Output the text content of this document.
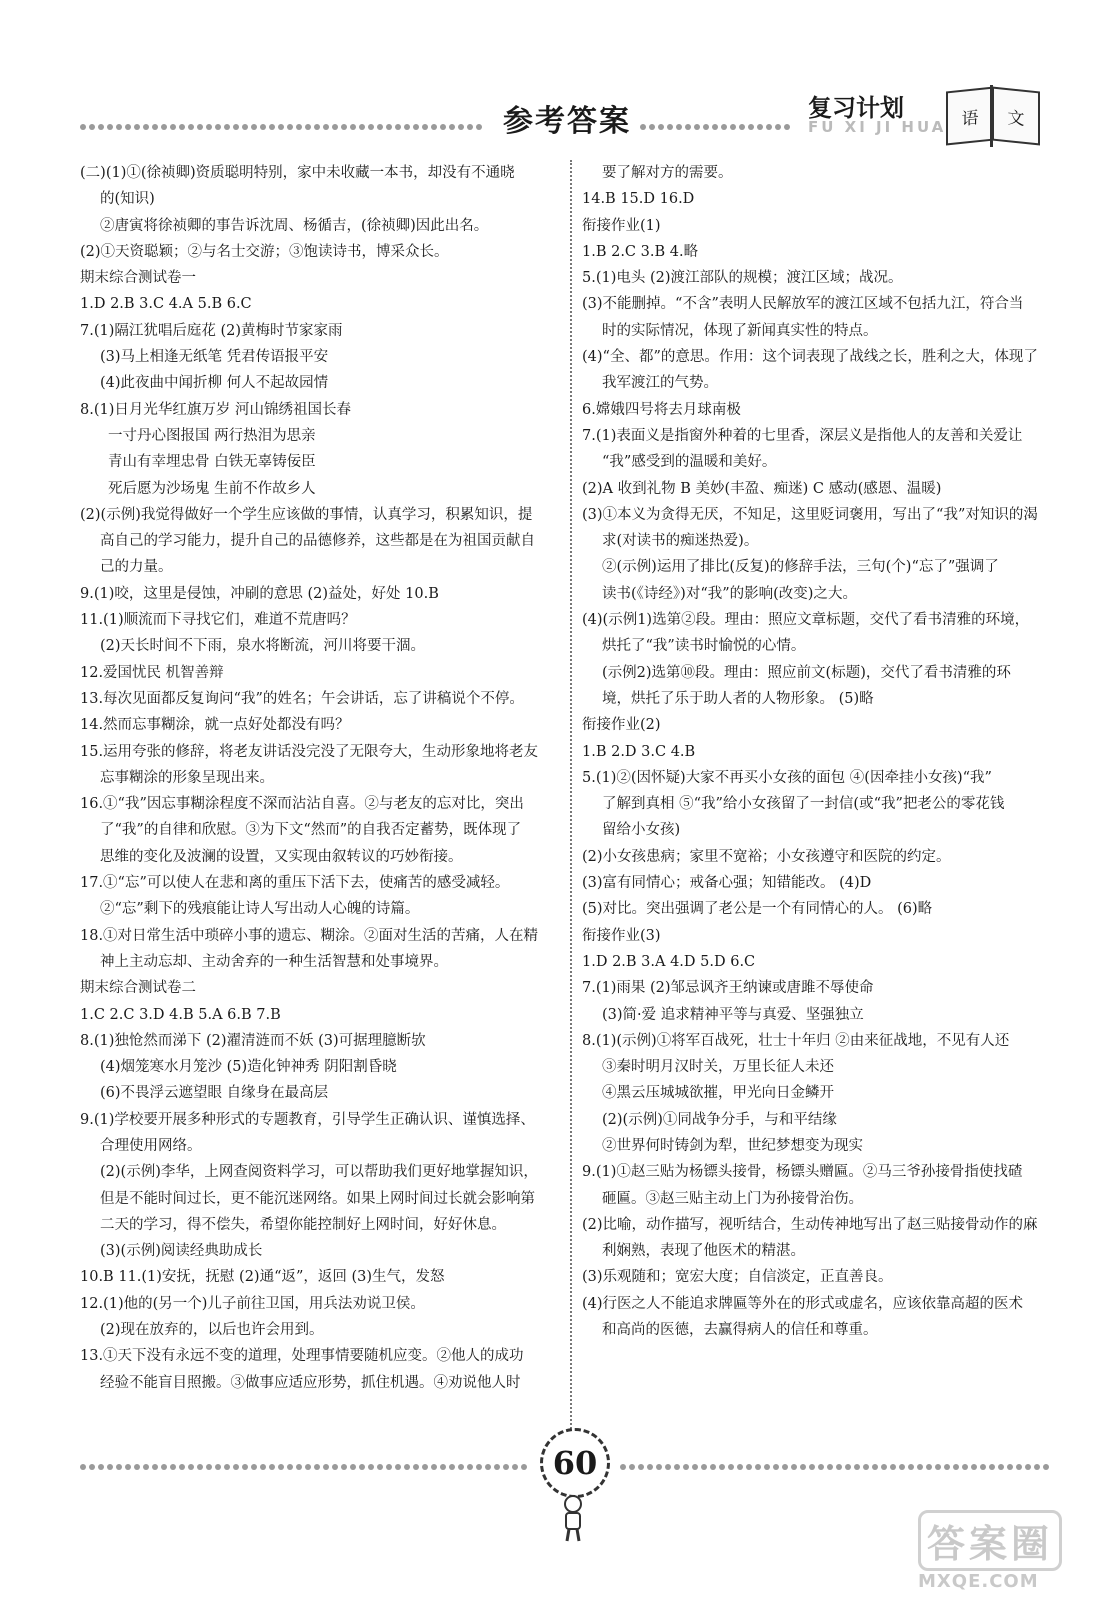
参考答案	复习计划
FU XI JI HUA 语	文
(二)(1)①(徐祯卿)资质聪明特别，家中未收藏一本书，却没有不通晓
的(知识)
②唐寅将徐祯卿的事告诉沈周、杨循吉，(徐祯卿)因此出名。
(2)①天资聪颖；②与名士交游；③饱读诗书，博采众长。
期末综合测试卷一
1.D 2.B 3.C 4.A 5.B 6.C
7.(1)隔江犹唱后庭花 (2)黄梅时节家家雨
(3)马上相逢无纸笔 凭君传语报平安
(4)此夜曲中闻折柳 何人不起故园情
8.(1)日月光华红旗万岁 河山锦绣祖国长春
一寸丹心图报国 两行热泪为思亲
青山有幸埋忠骨 白铁无辜铸佞臣
死后愿为沙场鬼 生前不作故乡人
(2)(示例)我觉得做好一个学生应该做的事情，认真学习，积累知识，提
高自己的学习能力，提升自己的品德修养，这些都是在为祖国贡献自
己的力量。
9.(1)咬，这里是侵蚀，冲刷的意思 (2)益处，好处 10.B
11.(1)顺流而下寻找它们，难道不荒唐吗？
(2)天长时间不下雨，泉水将断流，河川将要干涸。
12.爱国忧民 机智善辩
13.每次见面都反复询问“我”的姓名；午会讲话，忘了讲稿说个不停。
14.然而忘事糊涂，就一点好处都没有吗？
15.运用夸张的修辞，将老友讲话没完没了无限夸大，生动形象地将老友
忘事糊涂的形象呈现出来。
16.①“我”因忘事糊涂程度不深而沾沾自喜。②与老友的忘对比，突出
了“我”的自律和欣慰。③为下文“然而”的自我否定蓄势，既体现了
思维的变化及波澜的设置，又实现由叙转议的巧妙衔接。
17.①“忘”可以使人在悲和离的重压下活下去，使痛苦的感受减轻。
②“忘”剩下的残痕能让诗人写出动人心魄的诗篇。
18.①对日常生活中琐碎小事的遗忘、糊涂。②面对生活的苦痛，人在精
神上主动忘却、主动舍弃的一种生活智慧和处事境界。
期末综合测试卷二
1.C 2.C 3.D 4.B 5.A 6.B 7.B
8.(1)独怆然而涕下 (2)濯清涟而不妖 (3)可据理臆断欤
(4)烟笼寒水月笼沙 (5)造化钟神秀 阴阳割昏晓
(6)不畏浮云遮望眼 自缘身在最高层
9.(1)学校要开展多种形式的专题教育，引导学生正确认识、谨慎选择、
合理使用网络。
(2)(示例)李华，上网查阅资料学习，可以帮助我们更好地掌握知识，
但是不能时间过长，更不能沉迷网络。如果上网时间过长就会影响第
二天的学习，得不偿失，希望你能控制好上网时间，好好休息。
(3)(示例)阅读经典助成长
10.B 11.(1)安抚，抚慰 (2)通“返”，返回 (3)生气，发怒
12.(1)他的(另一个)儿子前往卫国，用兵法劝说卫侯。
(2)现在放弃的，以后也许会用到。
13.①天下没有永远不变的道理，处理事情要随机应变。②他人的成功
经验不能盲目照搬。③做事应适应形势，抓住机遇。④劝说他人时
要了解对方的需要。
14.B 15.D 16.D
衔接作业(1)
1.B 2.C 3.B 4.略
5.(1)电头 (2)渡江部队的规模；渡江区域；战况。
(3)不能删掉。“不含”表明人民解放军的渡江区域不包括九江，符合当
时的实际情况，体现了新闻真实性的特点。
(4)“全、都”的意思。作用：这个词表现了战线之长，胜利之大，体现了
我军渡江的气势。
6.嫦娥四号将去月球南极
7.(1)表面义是指窗外种着的七里香，深层义是指他人的友善和关爱让
“我”感受到的温暖和美好。
(2)A 收到礼物 B 美妙(丰盈、痴迷) C 感动(感恩、温暖)
(3)①本义为贪得无厌，不知足，这里贬词褒用，写出了“我”对知识的渴
求(对读书的痴迷热爱)。
②(示例)运用了排比(反复)的修辞手法，三句(个)“忘了”强调了
读书(《诗经》)对“我”的影响(改变)之大。
(4)(示例1)选第②段。理由：照应文章标题，交代了看书清雅的环境，
烘托了“我”读书时愉悦的心情。
(示例2)选第⑩段。理由：照应前文(标题)，交代了看书清雅的环
境，烘托了乐于助人者的人物形象。 (5)略
衔接作业(2)
1.B 2.D 3.C 4.B
5.(1)②(因怀疑)大家不再买小女孩的面包 ④(因牵挂小女孩)“我”
了解到真相 ⑤“我”给小女孩留了一封信(或“我”把老公的零花钱
留给小女孩)
(2)小女孩患病；家里不宽裕；小女孩遵守和医院的约定。
(3)富有同情心；戒备心强；知错能改。 (4)D
(5)对比。突出强调了老公是一个有同情心的人。 (6)略
衔接作业(3)
1.D 2.B 3.A 4.D 5.D 6.C
7.(1)雨果 (2)邹忌讽齐王纳谏或唐雎不辱使命
(3)简·爱 追求精神平等与真爱、坚强独立
8.(1)(示例)①将军百战死，壮士十年归 ②由来征战地，不见有人还
③秦时明月汉时关，万里长征人未还
④黑云压城城欲摧，甲光向日金鳞开
(2)(示例)①同战争分手，与和平结缘
②世界何时铸剑为犁，世纪梦想变为现实
9.(1)①赵三贴为杨镖头接骨，杨镖头赠匾。②马三爷孙接骨指使找碴
砸匾。③赵三贴主动上门为孙接骨治伤。
(2)比喻，动作描写，视听结合，生动传神地写出了赵三贴接骨动作的麻
利娴熟，表现了他医术的精湛。
(3)乐观随和；宽宏大度；自信淡定，正直善良。
(4)行医之人不能追求牌匾等外在的形式或虚名，应该依靠高超的医术
和高尚的医德，去赢得病人的信任和尊重。
60
答案圈
MXQE.COM
